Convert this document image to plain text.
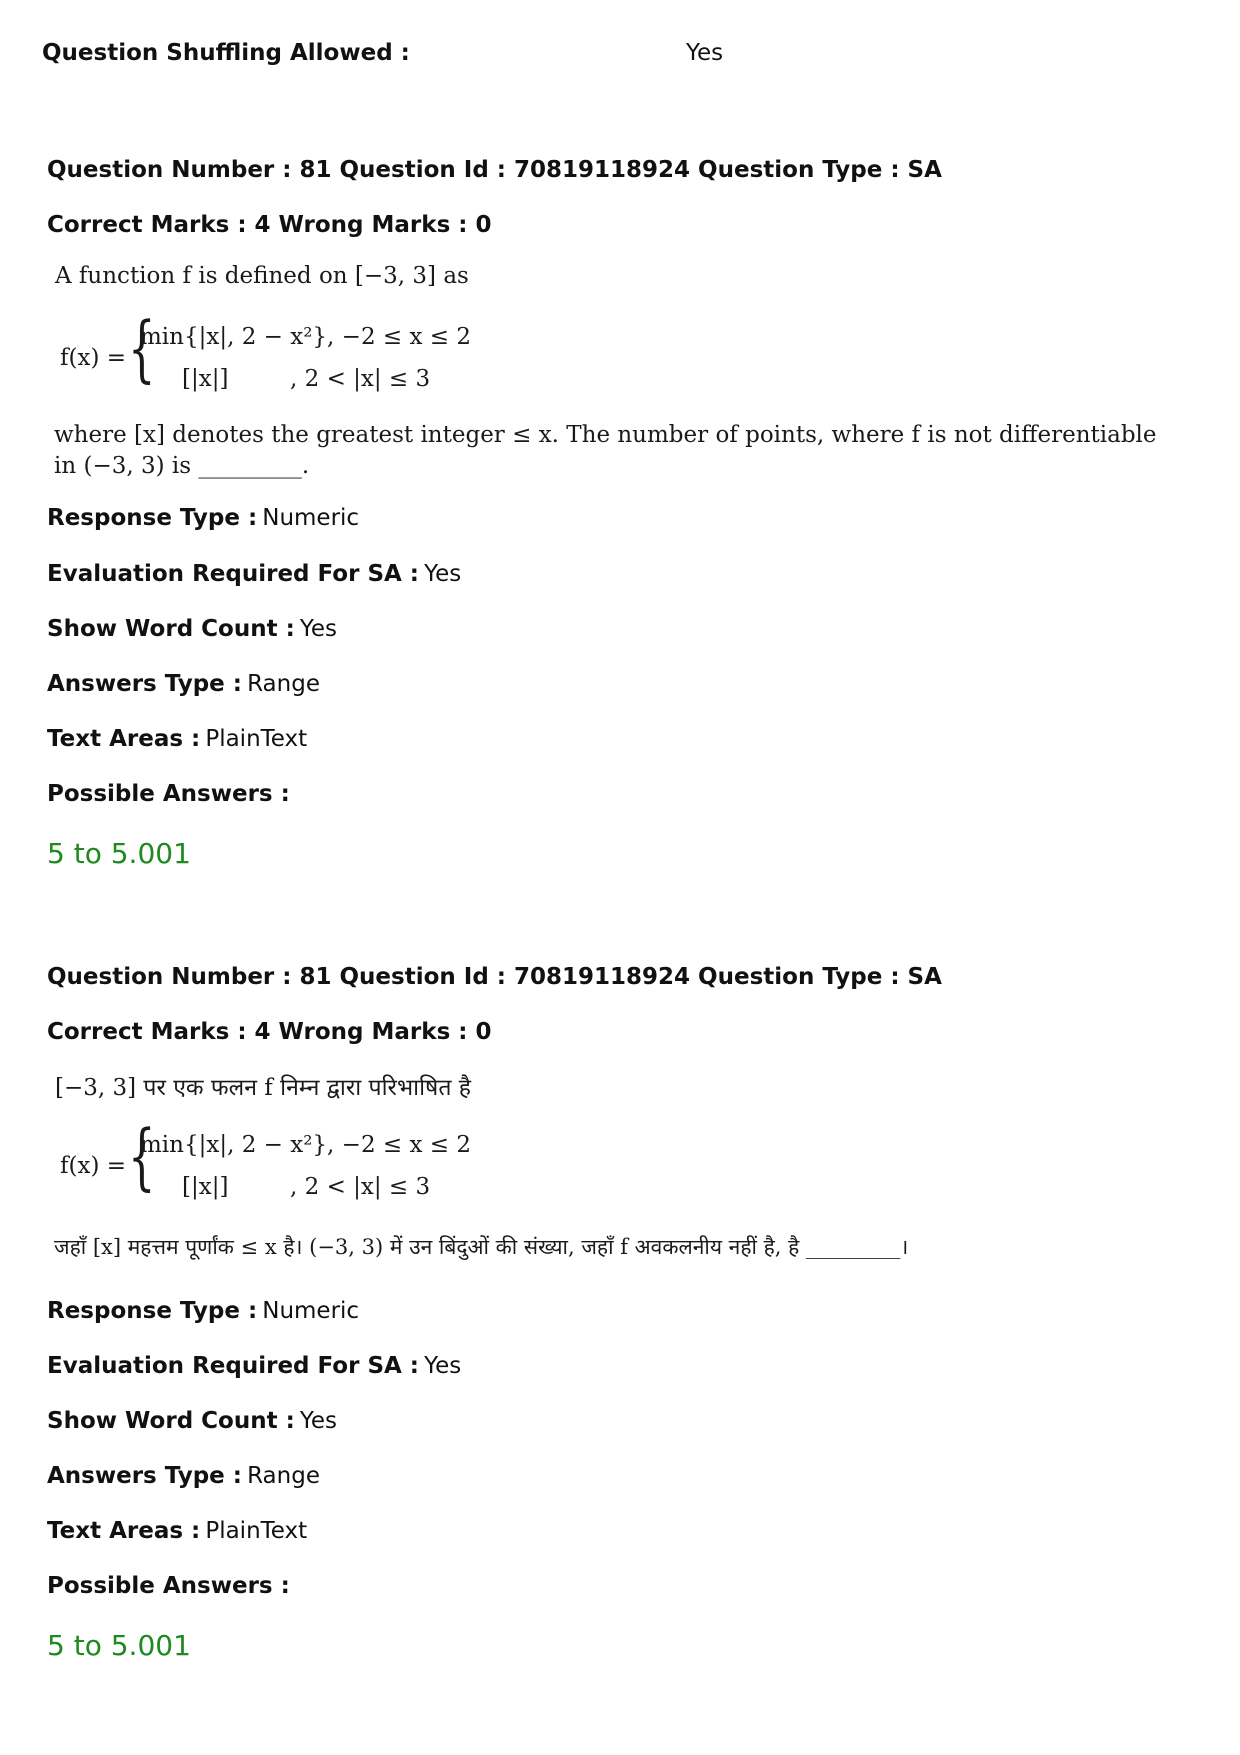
Question Shuffling Allowed :	Yes
Question Number : 81 Question Id : 70819118924 Question Type : SA
Correct Marks : 4 Wrong Marks : 0
A function f is defined on [−3, 3] as
f(x) = {
min{|x|, 2 − x²}, −2 ≤ x ≤ 2
[|x|]	, 2 < |x| ≤ 3
where [x] denotes the greatest integer ≤ x. The number of points, where f is not differentiable
in (−3, 3) is _________.
Response Type : Numeric
Evaluation Required For SA : Yes
Show Word Count : Yes
Answers Type : Range
Text Areas : PlainText
Possible Answers :
5 to 5.001
Question Number : 81 Question Id : 70819118924 Question Type : SA
Correct Marks : 4 Wrong Marks : 0
[−3, 3] पर एक फलन f निम्न द्वारा परिभाषित है
f(x) = {
min{|x|, 2 − x²}, −2 ≤ x ≤ 2
[|x|]	, 2 < |x| ≤ 3
जहाँ [x] महत्तम पूर्णांक ≤ x है। (−3, 3) में उन बिंदुओं की संख्या, जहाँ f अवकलनीय नहीं है, है _________।
Response Type : Numeric
Evaluation Required For SA : Yes
Show Word Count : Yes
Answers Type : Range
Text Areas : PlainText
Possible Answers :
5 to 5.001
